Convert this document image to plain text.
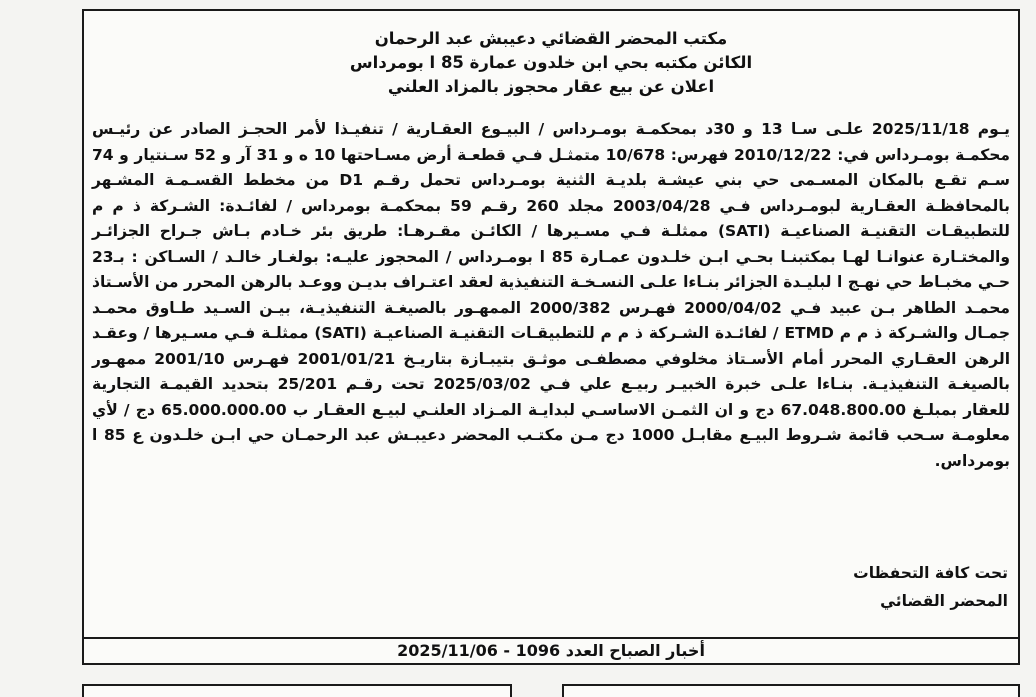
مكتب المحضر القضائي دعيبش عبد الرحمان
الكائن مكتبه بحي ابن خلدون عمارة 85 ا بومرداس
اعلان عن بيع عقار محجوز بالمزاد العلني

يـوم 2025/11/18 علـى سـا 13 و 30د بمحكمـة بومـرداس / البيـوع العقـارية / تنفيـذا لأمر الحجـز الصادر عن رئيـس محكمـة بومـرداس في: 2010/12/22 فهرس: 10/678 متمثـل فـي قطعـة أرض مسـاحتها 10 ه و 31 آر و 52 سـنتيار و 74 سـم تقـع بالمكان المسـمى حي بني عيشـة بلديـة الثنية بومـرداس تحمل رقـم D1 من مخطط القسـمـة المشـهر بالمحافظـة العقـارية لبومـرداس فـي 2003/04/28 مجلد 260 رقـم 59 بمحكمـة بومرداس / لفائـدة: الشـركة ذ م م للتطبيقـات التقنيـة الصناعيـة (SATI) ممثلـة فـي مسـيرها / الكائـن مقـرهـا: طريق بئر خـادم بـاش جـراح الجزائـر والمختـارة عنوانـا لهـا بمكتبنـا بحـي ابـن خلـدون عمـارة 85 ا بومـرداس / المحجوز عليـه: بولغـار خالـد / السـاكن : بـ23 حـي مخبـاط حي نهـج ا لبليـدة الجزائر بنـاءا علـى النسـخـة التنفيذية لعقد اعتـراف بديـن ووعـد بالرهن المحرر من الأسـتاذ محمـد الطاهر بـن عبيد فـي 2000/04/02 فهـرس 2000/382 الممهـور بالصيغـة التنفيذيـة، بيـن السـيد طـاوق محمـد جمـال والشـركة ذ م م ETMD / لفائـدة الشـركة ذ م م للتطبيقـات التقنيـة الصناعيـة (SATI) ممثلـة فـي مسـيرها / وعقـد الرهن العقـاري المحرر أمام الأسـتاذ مخلوفي مصطفـى موثـق بتيبـازة بتاريـخ 2001/01/21 فهـرس 2001/10 ممهـور بالصيغـة التنفيذيـة. بنـاءا علـى خبرة الخبيـر ربيـع علي فـي 2025/03/02 تحت رقـم 25/201 بتحديد القيمـة التجارية للعقار بمبلـغ 67.048.800.00 دج و ان الثمـن الاساسـي لبدايـة المـزاد العلنـي لبيـع العقـار ب 65.000.000.00 دج / لأي معلومـة سـحب قائمة شـروط البيـع مقابـل 1000 دج مـن مكتـب المحضر دعيبـش عبد الرحمـان حي ابـن خلـدون ع 85 ا بومرداس.

تحت كافة التحفظات
المحضر القضائي
أخبار الصباح العدد 1096 - 2025/11/06
